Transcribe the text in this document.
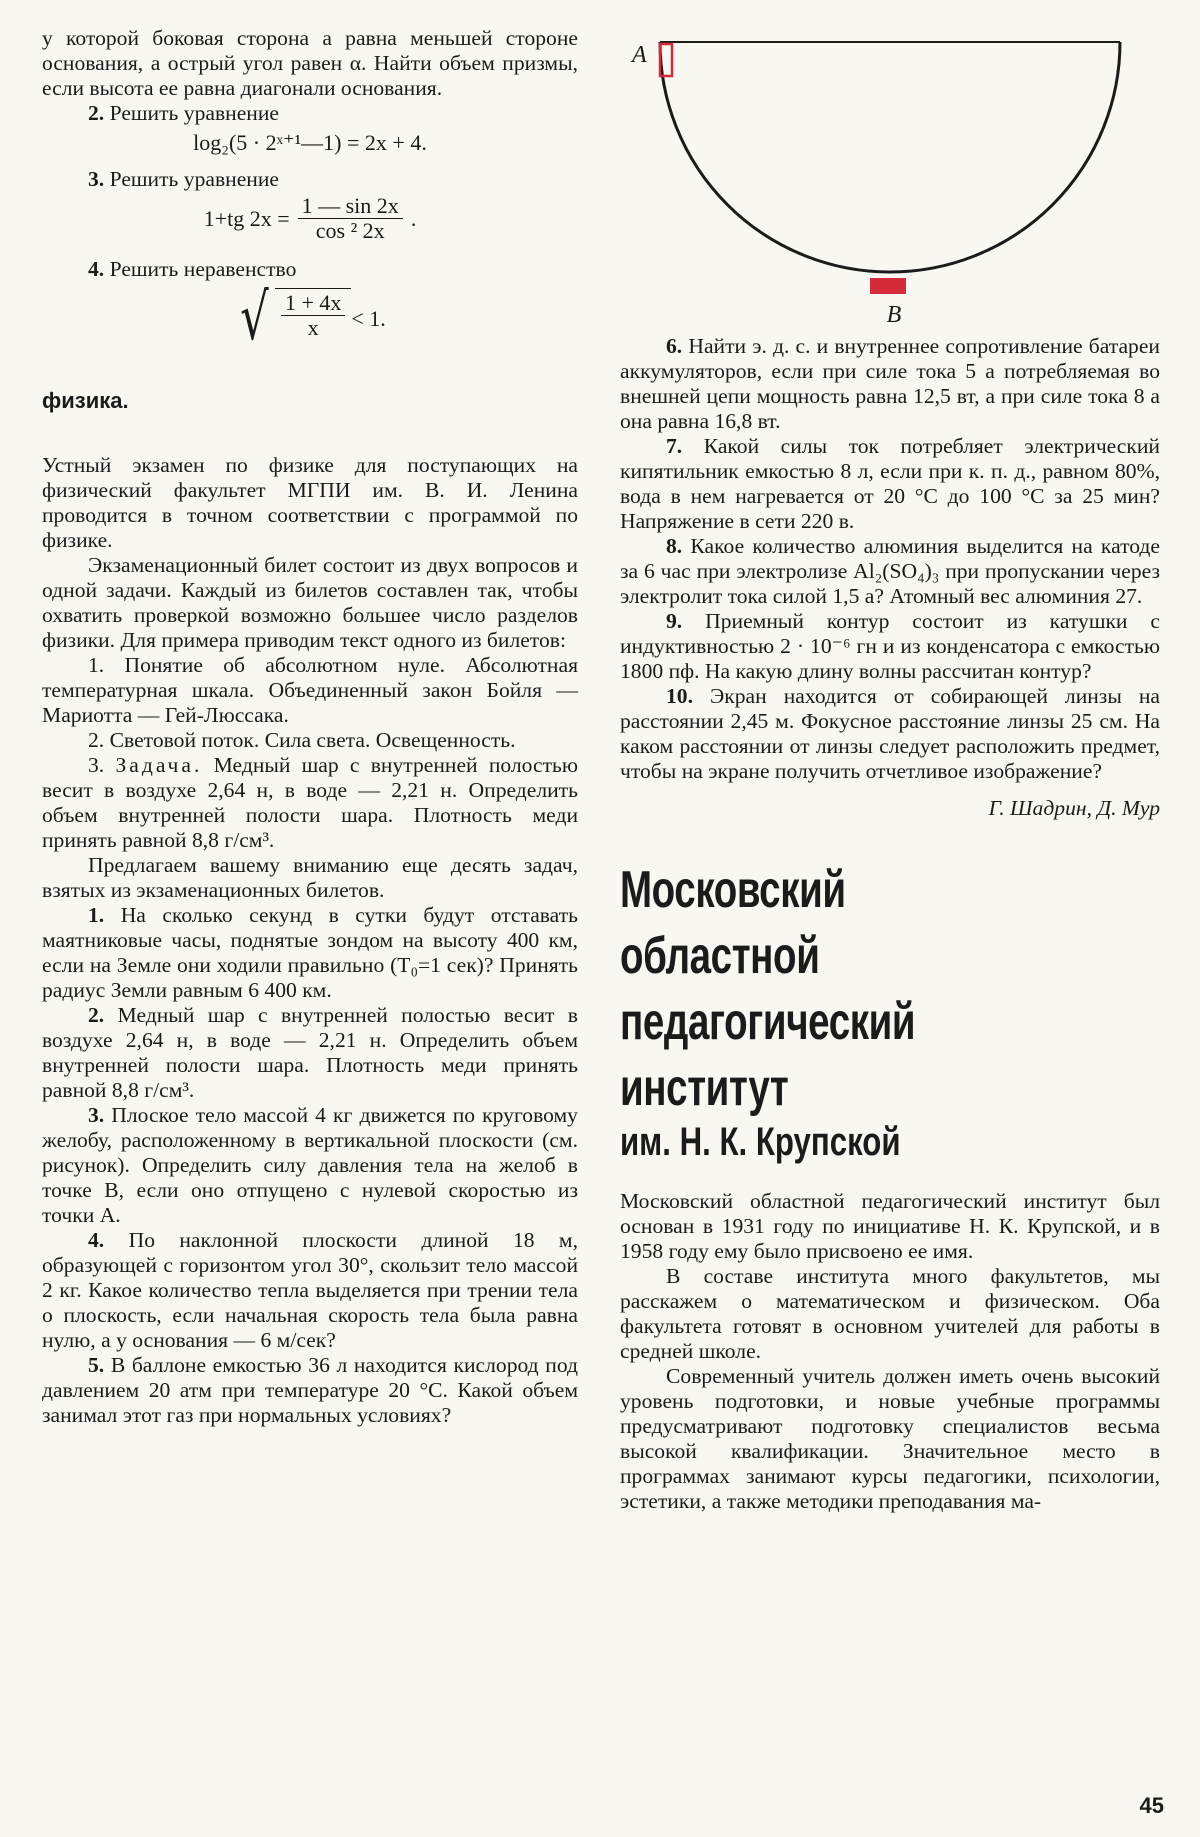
у которой боковая сторона a равна меньшей стороне основания, а острый угол равен α. Найти объем призмы, если высота ее равна диагонали основания.

2. Решить уравнение

log₂(5 · 2ˣ⁺¹—1) = 2x + 4.

3. Решить уравнение

1+tg $2x = \frac{1 — \sin 2x}{\text{cos ² 2x}}$ .

4. Решить неравенство

√ $\frac{1 + 4x}{x} < 1$.
физика.

Устный экзамен по физике для поступающих на физический факультет МГПИ им. В. И. Ленина проводится в точном соответствии с программой по физике.

Экзаменационный билет состоит из двух вопросов и одной задачи. Каждый из билетов составлен так, чтобы охватить проверкой возможно большее число разделов физики. Для примера приводим текст одного из билетов:

1. Понятие об абсолютном нуле. Абсолютная температурная шкала. Объединенный закон Бойля — Мариотта — Гей-Люссака.

2. Световой поток. Сила света. Освещенность.

3. Задача. Медный шар с внутренней полостью весит в воздухе 2,64 н, в воде — 2,21 н. Определить объем внутренней полости шара. Плотность меди принять равной 8,8 г/см³.

Предлагаем вашему вниманию еще десять задач, взятых из экзаменационных билетов.

1. На сколько секунд в сутки будут отставать маятниковые часы, поднятые зондом на высоту 400 км, если на Земле они ходили правильно (T₀=1 сек)? Принять радиус Земли равным 6 400 км.

2. Медный шар с внутренней полостью весит в воздухе 2,64 н, в воде — 2,21 н. Определить объем внутренней полости шара. Плотность меди принять равной 8,8 г/см³.

3. Плоское тело массой 4 кг движется по круговому желобу, расположенному в вертикальной плоскости (см. рисунок). Определить силу давления тела на желоб в точке B, если оно отпущено с нулевой скоростью из точки A.

4. По наклонной плоскости длиной 18 м, образующей с горизонтом угол 30°, скользит тело массой 2 кг. Какое количество тепла выделяется при трении тела о плоскость, если начальная скорость тела была равна нулю, а у основания — 6 м/сек?

5. В баллоне емкостью 36 л находится кислород под давлением 20 атм при температуре 20 °С. Какой объем занимал этот газ при нормальных условиях?

A
B

6. Найти э. д. с. и внутреннее сопротивление батареи аккумуляторов, если при силе тока 5 a потребляемая во внешней цепи мощность равна 12,5 вт, а при силе тока 8 a она равна 16,8 вт.

7. Какой силы ток потребляет электрический кипятильник емкостью 8 л, если при к. п. д., равном 80%, вода в нем нагревается от 20 °С до 100 °С за 25 мин? Напряжение в сети 220 в.

8. Какое количество алюминия выделится на катоде за 6 час при электролизе Al₂(SO₄)₃ при пропускании через электролит тока силой 1,5 a? Атомный вес алюминия 27.

9. Приемный контур состоит из катушки с индуктивностью 2 · 10⁻⁶ гн и из конденсатора с емкостью 1800 пф. На какую длину волны рассчитан контур?

10. Экран находится от собирающей линзы на расстоянии 2,45 м. Фокусное расстояние линзы 25 см. На каком расстоянии от линзы следует расположить предмет, чтобы на экране получить отчетливое изображение?

Г. Шадрин, Д. Мур

Московский
областной
педагогический
институт
им. Н. К. Крупской

Московский областной педагогический институт был основан в 1931 году по инициативе Н. К. Крупской, и в 1958 году ему было присвоено ее имя.

В составе института много факультетов, мы расскажем о математическом и физическом. Оба факультета готовят в основном учителей для работы в средней школе.

Современный учитель должен иметь очень высокий уровень подготовки, и новые учебные программы предусматривают подготовку специалистов весьма высокой квалификации. Значительное место в программах занимают курсы педагогики, психологии, эстетики, а также методики преподавания ма-

45
